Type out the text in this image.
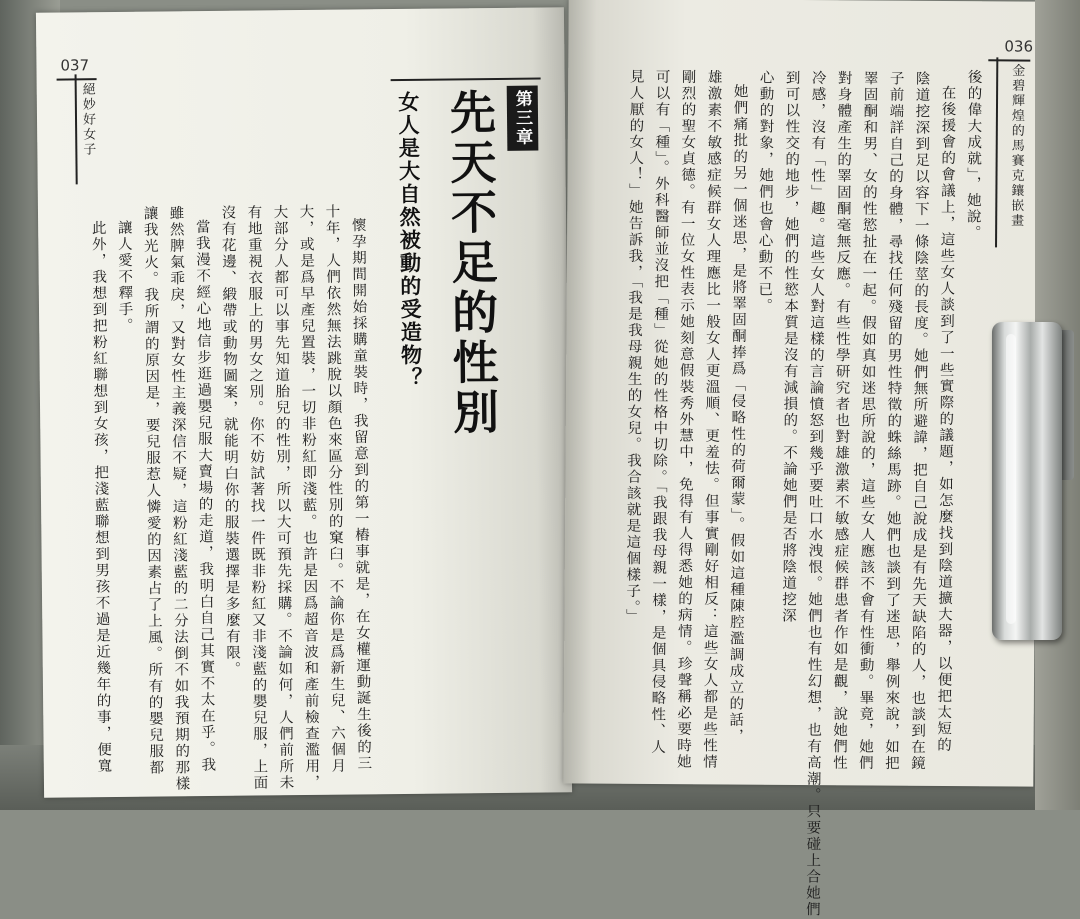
037
絕妙好女子	第三章
先天不足的性別
女人是大自然被動的受造物？
懷孕期間開始採購童裝時，我留意到的第一樁事就是，在女權運動誕生後的三
十年，人們依然無法跳脫以顏色來區分性別的窠臼。不論你是爲新生兒、六個月
大，或是爲早產兒置裝，一切非粉紅即淺藍。也許是因爲超音波和產前檢查濫用，
大部分人都可以事先知道胎兒的性別，所以大可預先採購。不論如何，人們前所未
有地重視衣服上的男女之別。你不妨試著找一件既非粉紅又非淺藍的嬰兒服，上面
沒有花邊、緞帶或動物圖案，就能明白你的服裝選擇是多麼有限。
當我漫不經心地信步逛過嬰兒服大賣場的走道，我明白自己其實不太在乎。我
雖然脾氣乖戾，又對女性主義深信不疑，這粉紅淺藍的二分法倒不如我預期的那樣
讓我光火。我所謂的原因是，要兒服惹人憐愛的因素占了上風。所有的嬰兒服都
讓人愛不釋手。
此外，我想到把粉紅聯想到女孩，把淺藍聯想到男孩不過是近幾年的事，便寬
036
金碧輝煌的馬賽克鑲嵌畫
後的偉大成就」，她說。
在後援會的會議上，這些女人談到了一些實際的議題，如怎麼找到陰道擴大器，以便把太短的
陰道挖深到足以容下一條陰莖的長度。她們無所避諱，把自己說成是有先天缺陷的人，也談到在鏡
子前端詳自己的身體，尋找任何殘留的男性特徵的蛛絲馬跡。她們也談到了迷思，舉例來說，如把
睪固酮和男、女的性慾扯在一起。假如真如迷思所說的，這些女人應該不會有性衝動。畢竟，她們
對身體產生的睪固酮毫無反應。有些性學研究者也對雄激素不敏感症候群患者作如是觀，說她們性
冷感，沒有「性」趣。這些女人對這樣的言論憤怒到幾乎要吐口水洩恨。她們也有性幻想，也有高潮。只要碰上合她們
到可以性交的地步，她們的性慾本質是沒有減損的。不論她們是否將陰道挖深
心動的對象，她們也會心動不已。
她們痛批的另一個迷思，是將睪固酮捧爲「侵略性的荷爾蒙」。假如這種陳腔濫調成立的話，
雄激素不敏感症候群女人理應比一般女人更溫順、更羞怯。但事實剛好相反：這些女人都是些性情
剛烈的聖女貞德。有一位女性表示她刻意假裝秀外慧中，免得有人得悉她的病情。珍聲稱必要時她
可以有「種」。外科醫師並沒把「種」從她的性格中切除。「我跟我母親一樣，是個具侵略性、人
見人厭的女人！」她告訴我，「我是我母親生的女兒。我合該就是這個樣子。」
